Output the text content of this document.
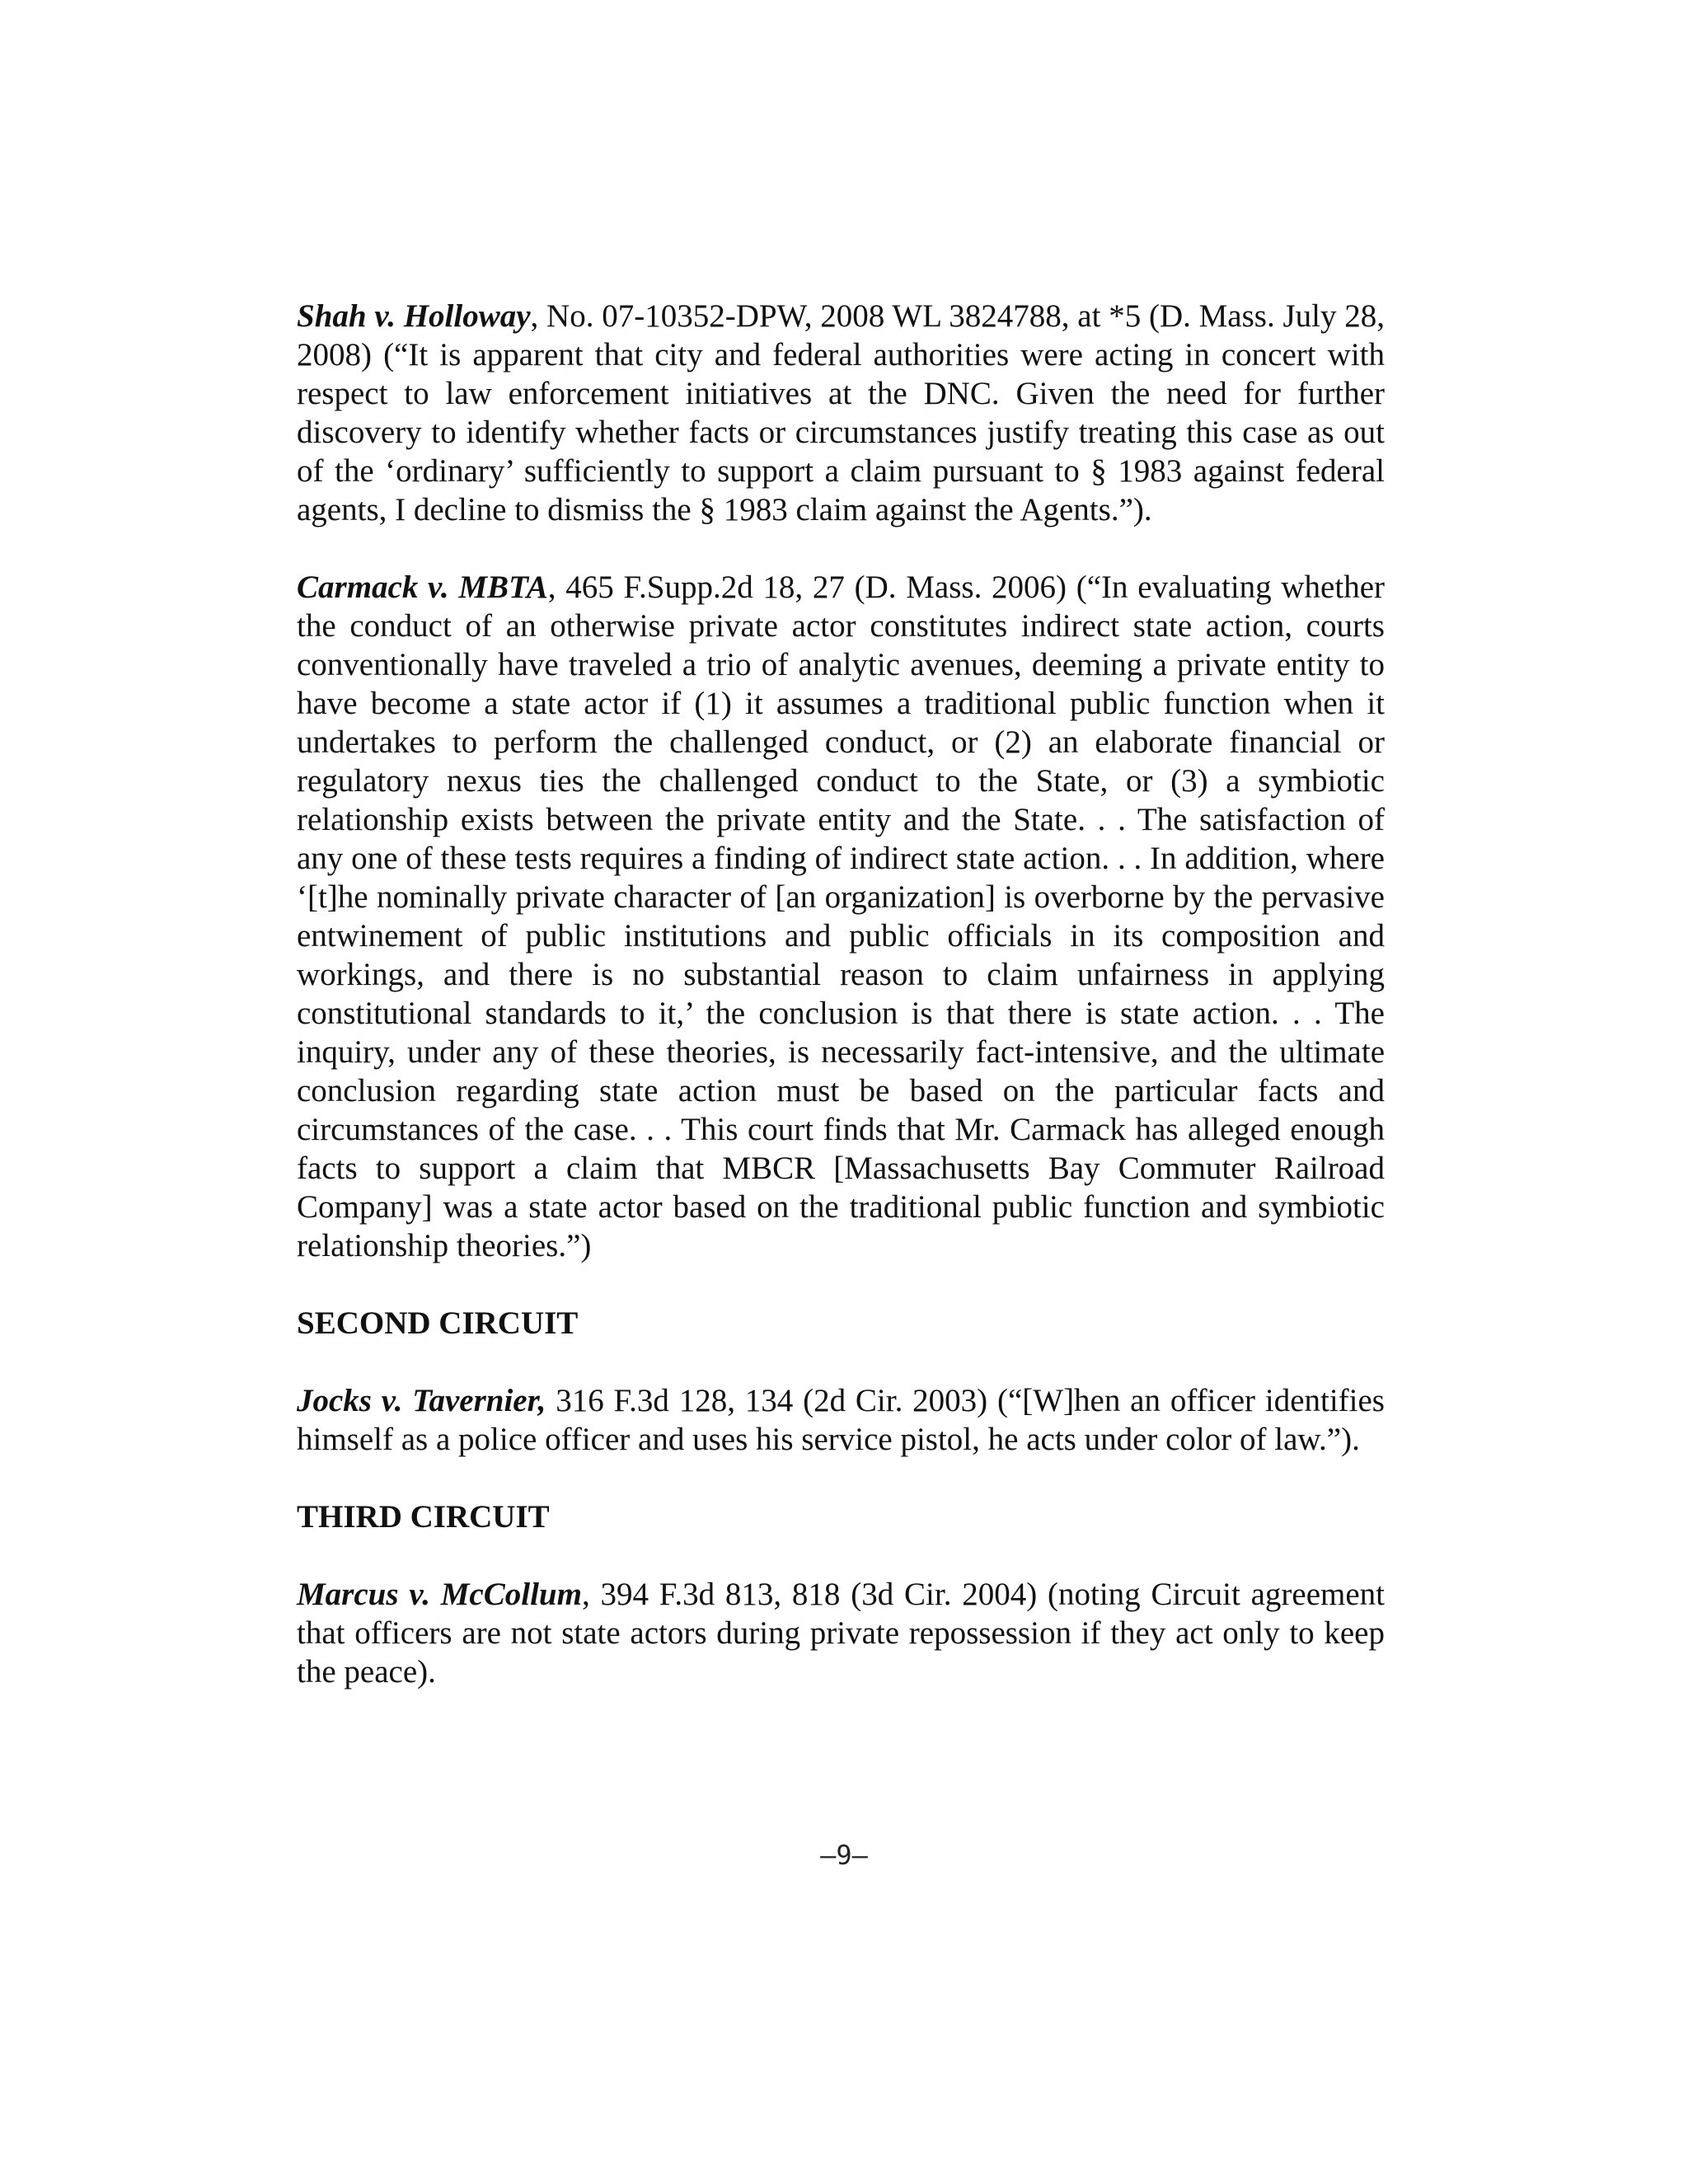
Shah v. Holloway, No. 07-10352-DPW, 2008 WL 3824788, at *5 (D. Mass. July 28, 2008) (“It is apparent that city and federal authorities were acting in concert with respect to law enforcement initiatives at the DNC. Given the need for further discovery to identify whether facts or circumstances justify treating this case as out of the ‘ordinary’ sufficiently to support a claim pursuant to § 1983 against federal agents, I decline to dismiss the § 1983 claim against the Agents.”).

Carmack v. MBTA, 465 F.Supp.2d 18, 27 (D. Mass. 2006) (“In evaluating whether the conduct of an otherwise private actor constitutes indirect state action, courts conventionally have traveled a trio of analytic avenues, deeming a private entity to have become a state actor if (1) it assumes a traditional public function when it undertakes to perform the challenged conduct, or (2) an elaborate financial or regulatory nexus ties the challenged conduct to the State, or (3) a symbiotic relationship exists between the private entity and the State. . . The satisfaction of any one of these tests requires a finding of indirect state action. . . In addition, where ‘[t]he nominally private character of [an organization] is overborne by the pervasive entwinement of public institutions and public officials in its composition and workings, and there is no substantial reason to claim unfairness in applying constitutional standards to it,’ the conclusion is that there is state action. . . The inquiry, under any of these theories, is necessarily fact-intensive, and the ultimate conclusion regarding state action must be based on the particular facts and circumstances of the case. . . This court finds that Mr. Carmack has alleged enough facts to support a claim that MBCR [Massachusetts Bay Commuter Railroad Company] was a state actor based on the traditional public function and symbiotic relationship theories.”)

SECOND CIRCUIT

Jocks v. Tavernier, 316 F.3d 128, 134 (2d Cir. 2003) (“[W]hen an officer identifies himself as a police officer and uses his service pistol, he acts under color of law.”).

THIRD CIRCUIT

Marcus v. McCollum, 394 F.3d 813, 818 (3d Cir. 2004) (noting Circuit agreement that officers are not state actors during private repossession if they act only to keep the peace).

–9–
